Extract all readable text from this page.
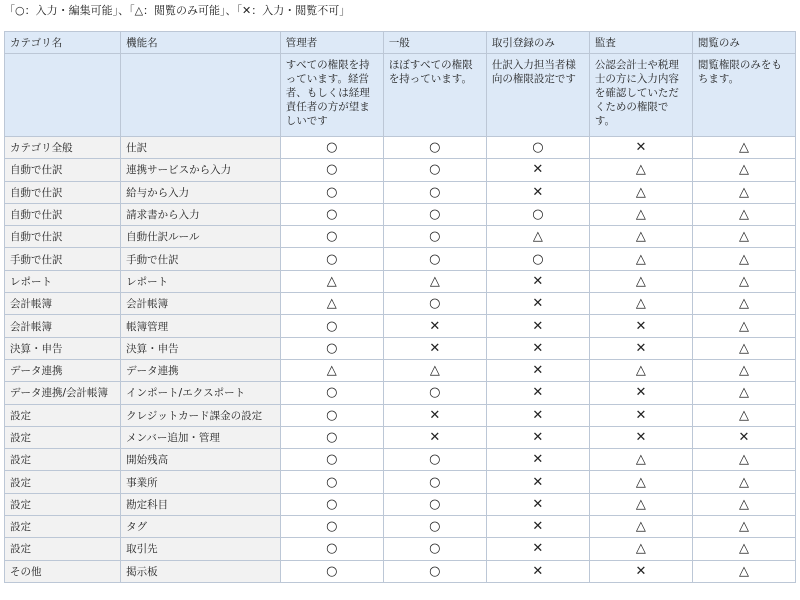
「○：入力・編集可能」、「△：閲覧のみ可能」、「✕：入力・閲覧不可」
カテゴリ名	機能名	管理者	一般	取引登録のみ	監査	閲覧のみ
		すべての権限を持っています。経営者、もしくは経理責任者の方が望ましいです	ほぼすべての権限を持っています。	仕訳入力担当者様向の権限設定です	公認会計士や税理士の方に入力内容を確認していただくための権限です。	閲覧権限のみをもちます。
カテゴリ全般	仕訳	○	○	○	✕	△
自動で仕訳	連携サービスから入力	○	○	✕	△	△
自動で仕訳	給与から入力	○	○	✕	△	△
自動で仕訳	請求書から入力	○	○	○	△	△
自動で仕訳	自動仕訳ルール	○	○	△	△	△
手動で仕訳	手動で仕訳	○	○	○	△	△
レポート	レポート	△	△	✕	△	△
会計帳簿	会計帳簿	△	○	✕	△	△
会計帳簿	帳簿管理	○	✕	✕	✕	△
決算・申告	決算・申告	○	✕	✕	✕	△
データ連携	データ連携	△	△	✕	△	△
データ連携/会計帳簿	インポート/エクスポート	○	○	✕	✕	△
設定	クレジットカード課金の設定	○	✕	✕	✕	△
設定	メンバー追加・管理	○	✕	✕	✕	✕
設定	開始残高	○	○	✕	△	△
設定	事業所	○	○	✕	△	△
設定	勘定科目	○	○	✕	△	△
設定	タグ	○	○	✕	△	△
設定	取引先	○	○	✕	△	△
その他	掲示板	○	○	✕	✕	△
